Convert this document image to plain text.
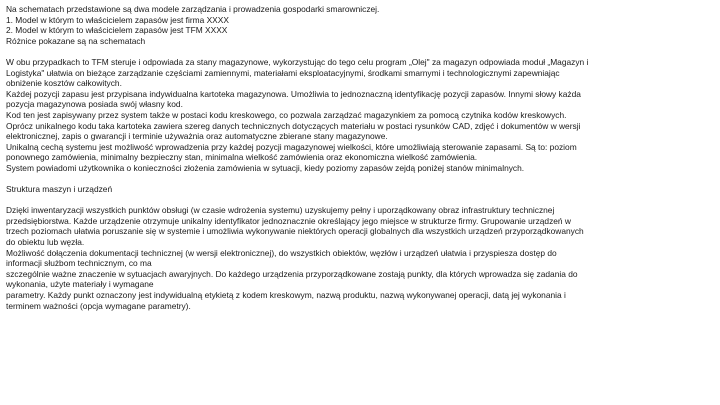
Na schematach przedstawione są dwa modele zarządzania i prowadzenia gospodarki smarowniczej.
1. Model w którym to właścicielem zapasów jest firma XXXX
2. Model w którym to właścicielem zapasów jest TFM XXXX
Różnice pokazane są na schematach
W obu przypadkach to TFM steruje i odpowiada za stany magazynowe, wykorzystując do tego celu program „Olej" za magazyn odpowiada moduł „Magazyn i
Logistyka" ułatwia on bieżące zarządzanie częściami zamiennymi, materiałami eksploatacyjnymi, środkami smarnymi i technologicznymi zapewniając
obniżenie kosztów całkowitych.
Każdej pozycji zapasu jest przypisana indywidualna kartoteka magazynowa. Umożliwia to jednoznaczną identyfikację pozycji zapasów. Innymi słowy każda
pozycja magazynowa posiada swój własny kod.
Kod ten jest zapisywany przez system także w postaci kodu kreskowego, co pozwala zarządzać magazynkiem za pomocą czytnika kodów kreskowych.
Oprócz unikalnego kodu taka kartoteka zawiera szereg danych technicznych dotyczących materiału w postaci rysunków CAD, zdjęć i dokumentów w wersji
elektronicznej, zapis o gwarancji i terminie używażnia oraz automatyczne zbierane stany magazynowe.
Unikalną cechą systemu jest możliwość wprowadzenia przy każdej pozycji magazynowej wielkości, które umożliwiają sterowanie zapasami. Są to: poziom
ponownego zamówienia, minimalny bezpieczny stan, minimalna wielkość zamówienia oraz ekonomiczna wielkość zamówienia.
System powiadomi użytkownika o konieczności złożenia zamówienia w sytuacji, kiedy poziomy zapasów zejdą poniżej stanów minimalnych.
Struktura maszyn i urządzeń
Dzięki inwentaryzacji wszystkich punktów obsługi (w czasie wdrożenia systemu) uzyskujemy pełny i uporządkowany obraz infrastruktury technicznej
przedsiębiorstwa. Każde urządzenie otrzymuje unikalny identyfikator jednoznacznie określający jego miejsce w strukturze firmy. Grupowanie urządzeń w
trzech poziomach ułatwia poruszanie się w systemie i umożliwia wykonywanie niektórych operacji globalnych dla wszystkich urządzeń przyporządkowanych
do obiektu lub węzła.
Możliwość dołączenia dokumentacji technicznej (w wersji elektronicznej), do wszystkich obiektów, węzłów i urządzeń ułatwia i przyspiesza dostęp do
informacji służbom technicznym, co ma
szczególnie ważne znaczenie w sytuacjach awaryjnych. Do każdego urządzenia przyporządkowane zostają punkty, dla których wprowadza się zadania do
wykonania, użyte materiały i wymagane
parametry. Każdy punkt oznaczony jest indywidualną etykietą z kodem kreskowym, nazwą produktu, nazwą wykonywanej operacji, datą jej wykonania i
terminem ważności (opcja wymagane parametry).
